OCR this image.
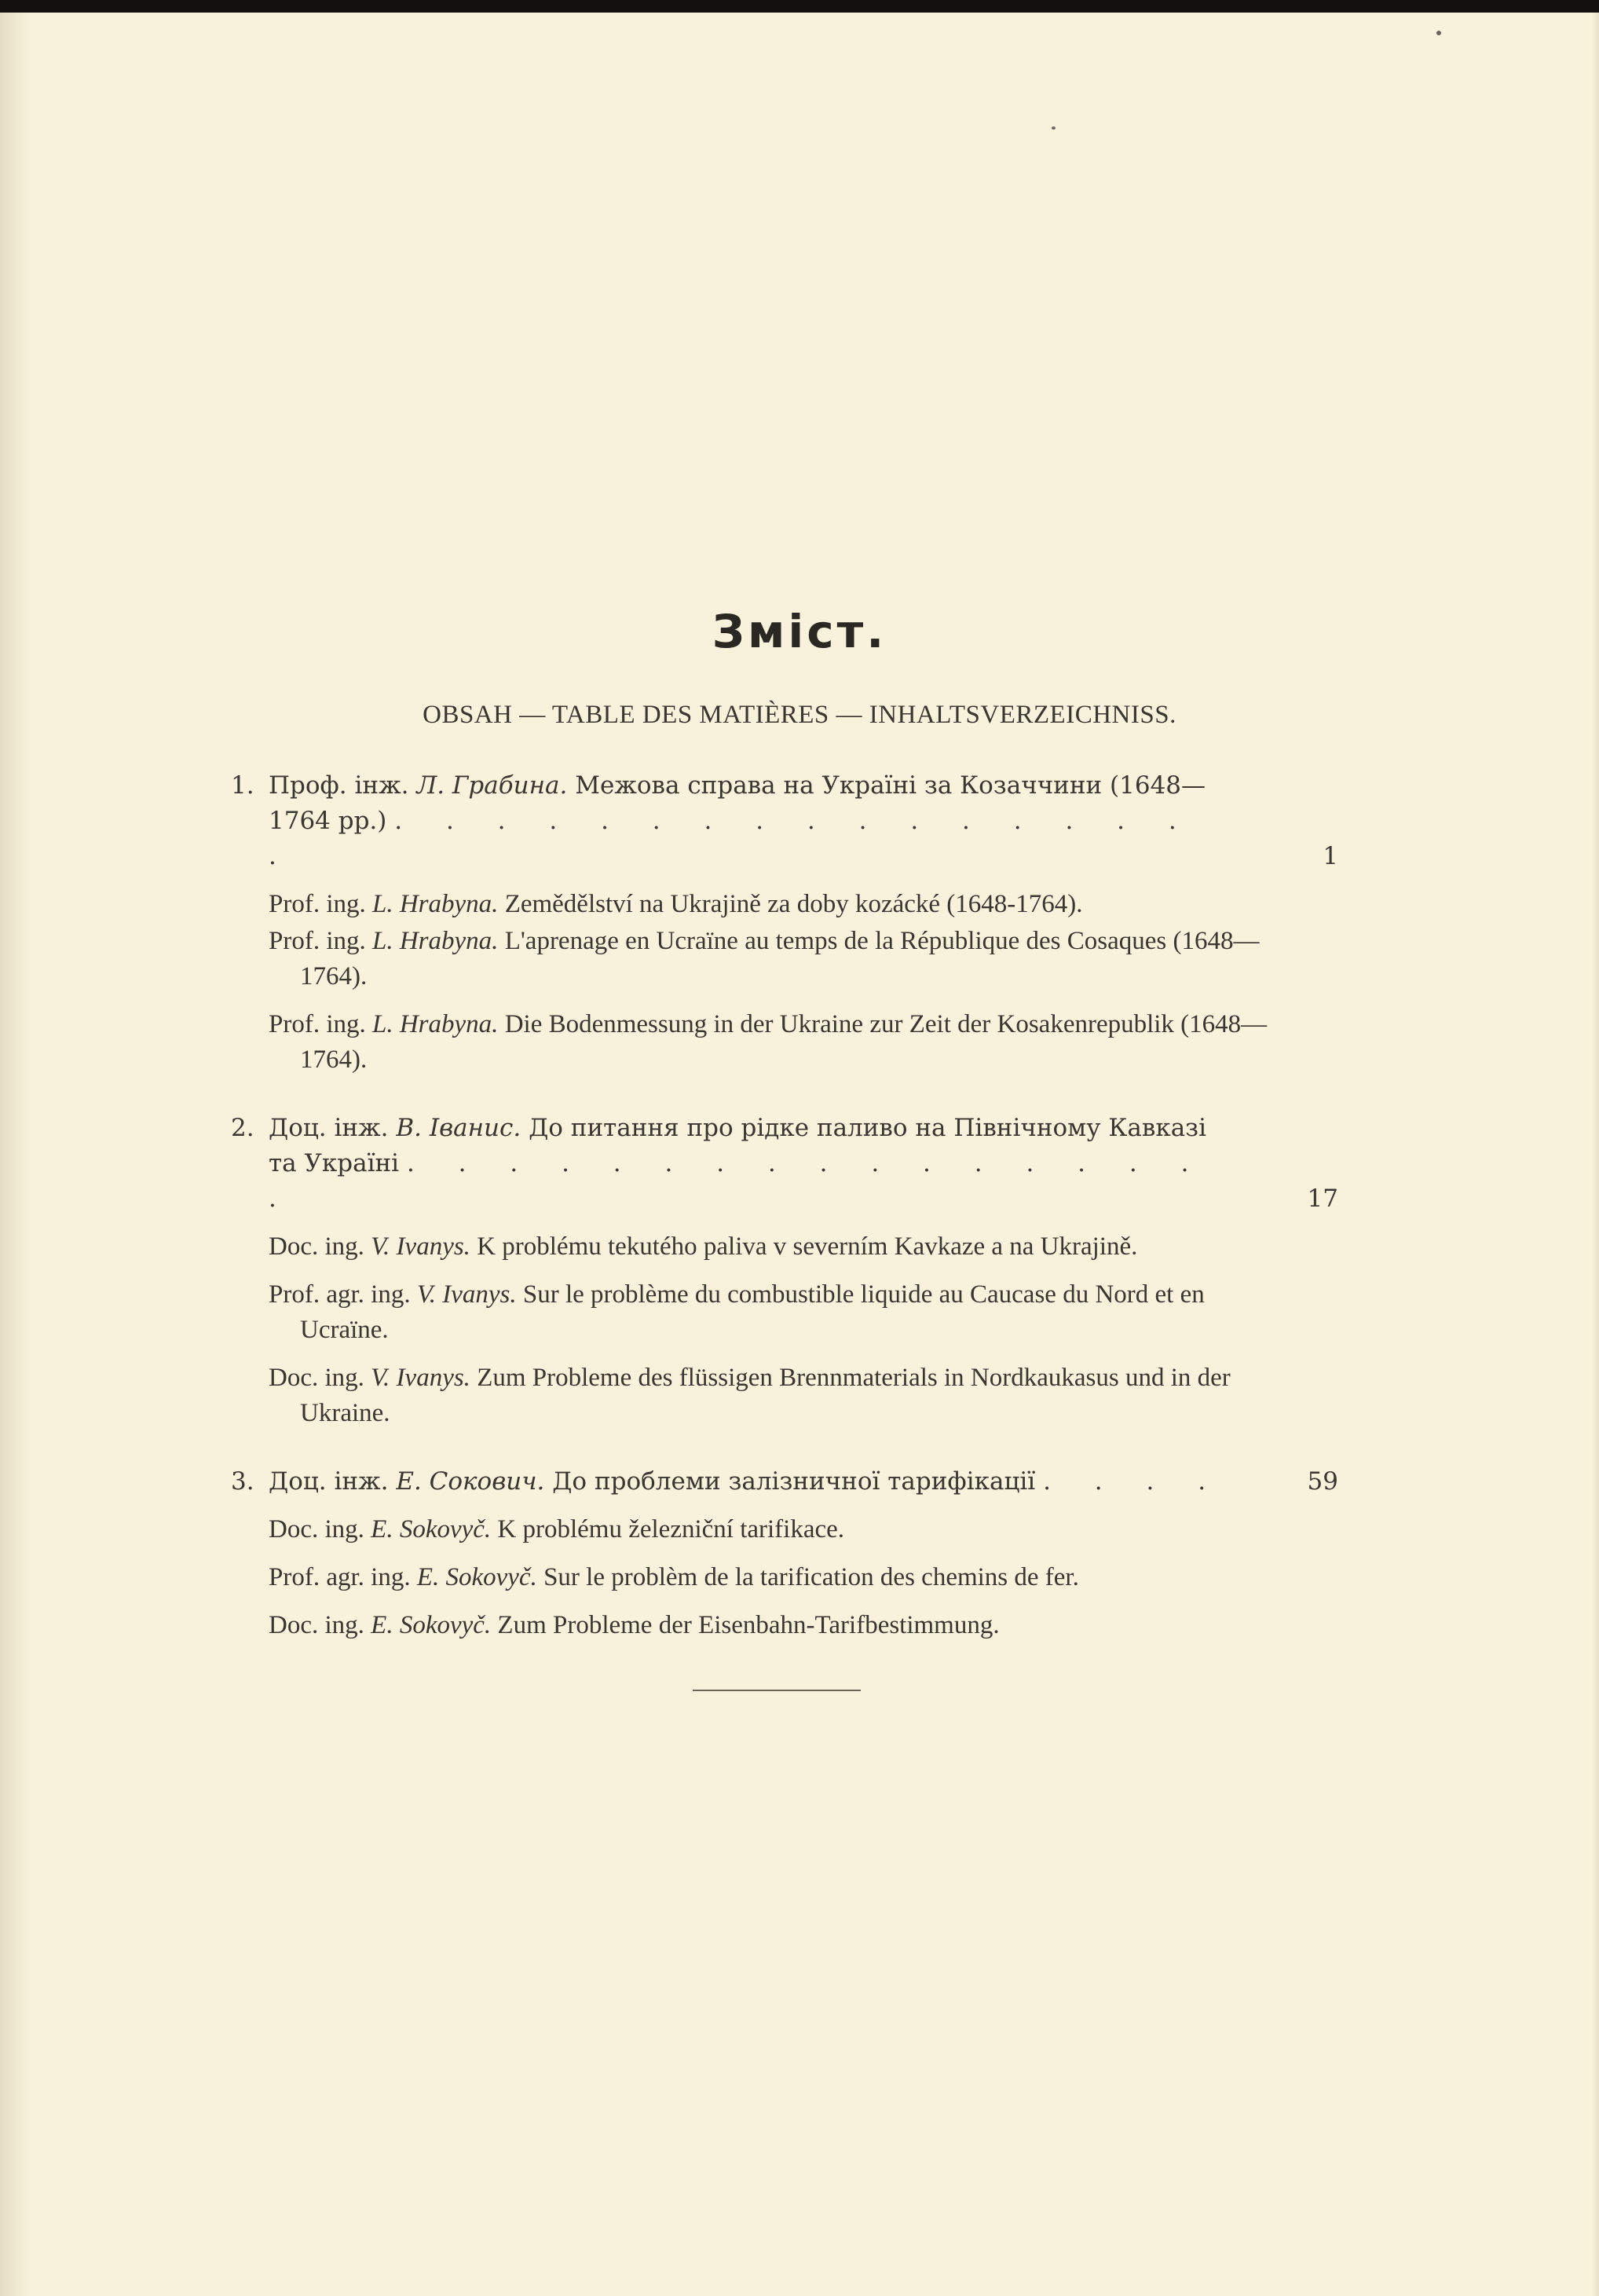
Зміст.
OBSAH — TABLE DES MATIÈRES — INHALTSVERZEICHNISS.
1. Проф. інж. Л. Грабина. Межова справа на Україні за Козаччини (1648—
1764 рр.) . . . . . . . . . . . . . . . . .	1
Prof. ing. L. Hrabyna. Zemědělství na Ukrajině za doby kozácké (1648-1764).
Prof. ing. L. Hrabyna. L'aprenage en Ucraïne au temps de la République des Cosaques (1648—1764).
Prof. ing. L. Hrabyna. Die Bodenmessung in der Ukraine zur Zeit der Kosakenrepublik (1648—1764).
2. Доц. інж. В. Іванис. До питання про рідке паливо на Північному Кавказі
та Україні . . . . . . . . . . . . . . . . .	17
Doc. ing. V. Ivanys. K problému tekutého paliva v severním Kavkaze a na Ukrajině.
Prof. agr. ing. V. Ivanys. Sur le problème du combustible liquide au Caucase du Nord et en Ucraïne.
Doc. ing. V. Ivanys. Zum Probleme des flüssigen Brennmaterials in Nordkaukasus und in der Ukraine.
3. Доц. інж. Е. Сокович. До проблеми залізничної тарифікації . . . .	59
Doc. ing. E. Sokovyč. K problému železniční tarifikace.
Prof. agr. ing. E. Sokovyč. Sur le problèm de la tarification des chemins de fer.
Doc. ing. E. Sokovyč. Zum Probleme der Eisenbahn-Tarifbestimmung.
